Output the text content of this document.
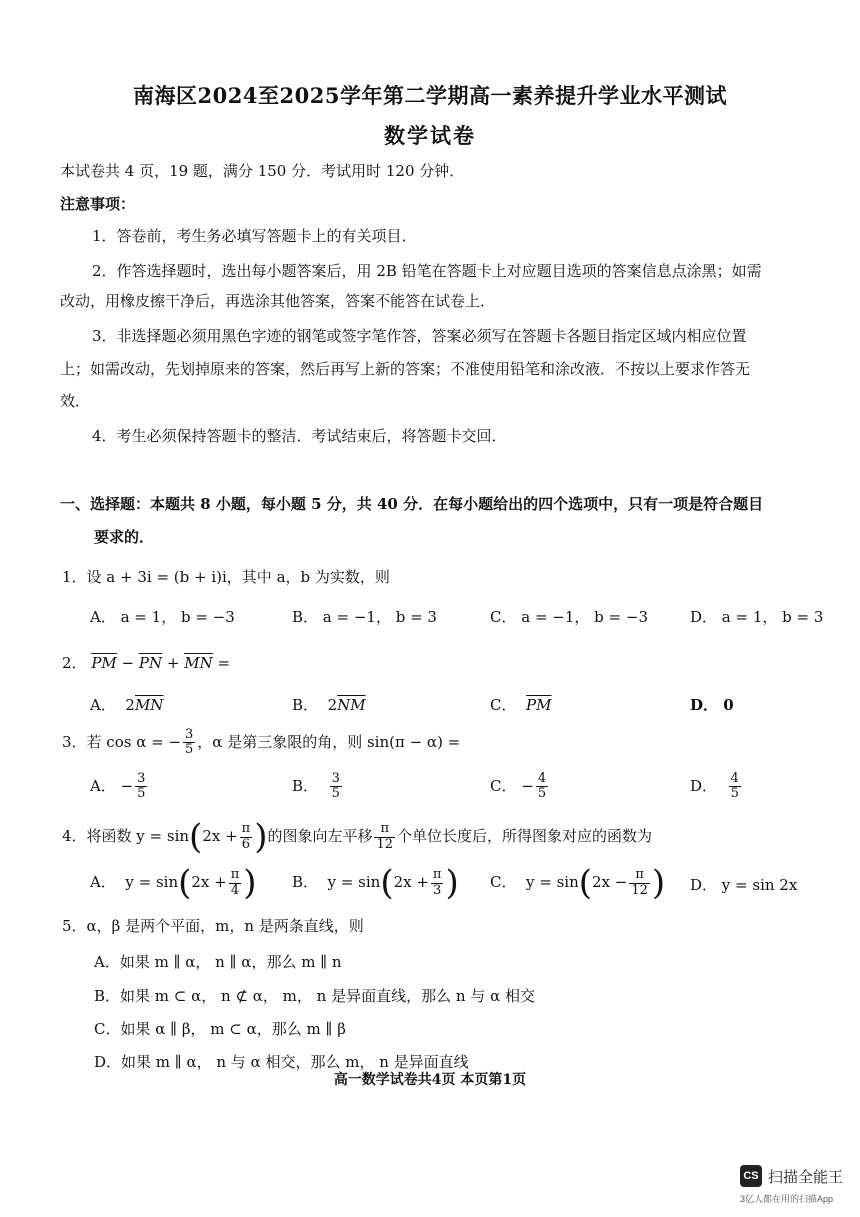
南海区2024至2025学年第二学期高一素养提升学业水平测试
数学试卷
本试卷共 4 页，19 题，满分 150 分．考试用时 120 分钟．
注意事项：
1．答卷前，考生务必填写答题卡上的有关项目．
2．作答选择题时，选出每小题答案后，用 2B 铅笔在答题卡上对应题目选项的答案信息点涂黑；如需
改动，用橡皮擦干净后，再选涂其他答案，答案不能答在试卷上．
3．非选择题必须用黑色字迹的钢笔或签字笔作答，答案必须写在答题卡各题目指定区域内相应位置
上；如需改动，先划掉原来的答案，然后再写上新的答案；不准使用铅笔和涂改液．不按以上要求作答无
效．
4．考生必须保持答题卡的整洁．考试结束后，将答题卡交回．
一、选择题：本题共 8 小题，每小题 5 分，共 40 分．在每小题给出的四个选项中，只有一项是符合题目
要求的．
1．设 a + 3i = (b + i)i，其中 a，b 为实数，则
A． a = 1， b = −3	B． a = −1， b = 3	C． a = −1， b = −3	D． a = 1， b = 3
2． $\overline{PM} - \overline{PN} + \overline{MN}$ =
A．  $2\overline{MN}$	B．  $2\overline{NM}$	C． $\overline{PM}$	D． 0
3．若 cos α = − $\frac{3}{5}$ ，α 是第三象限的角，则 sin(π − α) =
A． − $\frac{3}{5}$	B． $\frac{3}{5}$	C． − $\frac{4}{5}$	D． $\frac{4}{5}$
4．将函数 $y = \sin(2x + \frac{\pi}{6}$ )的图象向左平移 $\frac{\pi}{12}$ 个单位长度后，所得图象对应的函数为
A． $y = \sin(2x + \frac{\pi}{4}$ ) B． $y = \sin(2x + \frac{\pi}{3}$ ) C． $y = \sin(2x - \frac{\pi}{12}$ ) D． y = sin 2x
5．α，β 是两个平面，m，n 是两条直线，则
A．如果 m ∥ α， n ∥ α，那么 m ∥ n
B．如果 m ⊂ α， n ⊄ α， m， n 是异面直线，那么 n 与 α 相交
C．如果 α ∥ β， m ⊂ α，那么 m ∥ β
D．如果 m ∥ α， n 与 α 相交，那么 m， n 是异面直线
高一数学试卷共4页 本页第1页
CS 扫描全能王
3亿人都在用的扫描App
